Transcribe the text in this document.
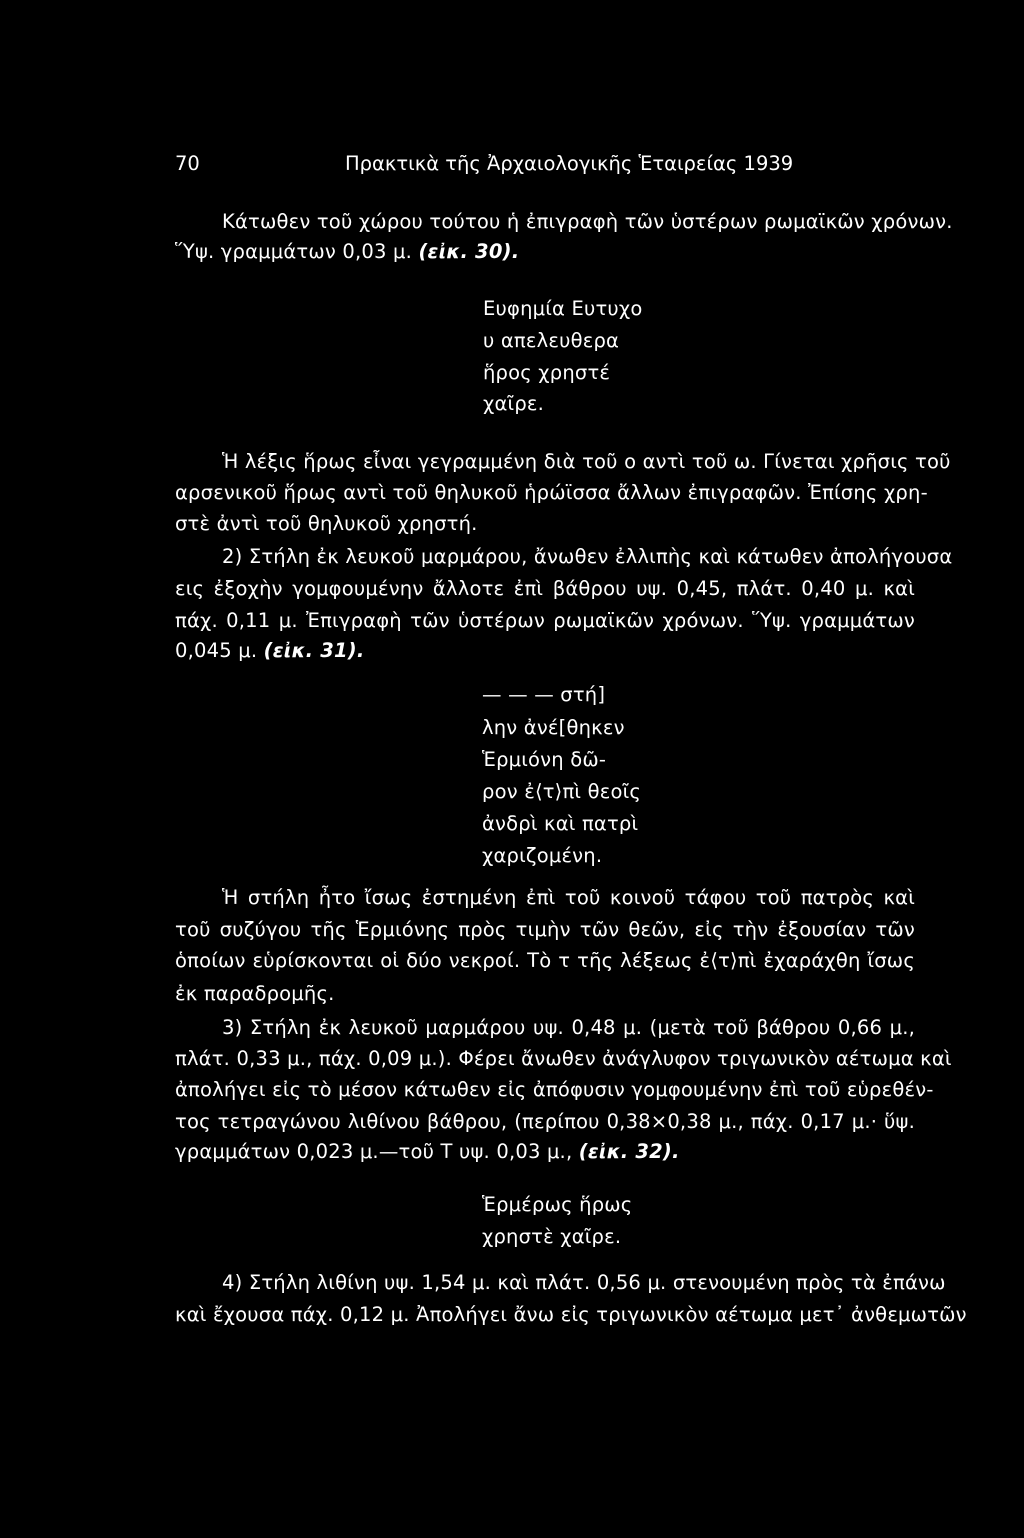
70	Πρακτικὰ τῆς Ἀρχαιολογικῆς Ἑταιρείας 1939
Κάτωθεν τοῦ χώρου τούτου ἡ ἐπιγραφὴ τῶν ὑστέρων ρωμαϊκῶν χρόνων.
Ὕψ. γραμμάτων 0,03 μ. (εἰκ. 30).
Ευφημία Ευτυχο
υ απελευθερα
ἥρος χρηστέ
χαῖρε.
Ἡ λέξις ἥρως εἶναι γεγραμμένη διὰ τοῦ ο αντὶ τοῦ ω. Γίνεται χρῆσις τοῦ
αρσενικοῦ ἥρως αντὶ τοῦ θηλυκοῦ ἡρώϊσσα ἄλλων ἐπιγραφῶν. Ἐπίσης χρη-
στὲ ἀντὶ τοῦ θηλυκοῦ χρηστή.
2) Στήλη ἐκ λευκοῦ μαρμάρου, ἄνωθεν ἐλλιπὴς καὶ κάτωθεν ἀπολήγουσα
εις ἐξοχὴν γομφουμένην ἄλλοτε ἐπὶ βάθρου υψ. 0,45, πλάτ. 0,40 μ. καὶ
πάχ. 0,11 μ. Ἐπιγραφὴ τῶν ὑστέρων ρωμαϊκῶν χρόνων. Ὕψ. γραμμάτων
0,045 μ. (εἰκ. 31).
— — — στή]
λην ἀνέ[θηκεν
Ἑρμιόνη δῶ-
ρον ἐ⟨τ⟩πὶ θεοῖς
ἀνδρὶ καὶ πατρὶ
χαριζομένη.
Ἡ στήλη ἦτο ἴσως ἐστημένη ἐπὶ τοῦ κοινοῦ τάφου τοῦ πατρὸς καὶ
τοῦ συζύγου τῆς Ἑρμιόνης πρὸς τιμὴν τῶν θεῶν, εἰς τὴν ἐξουσίαν τῶν
ὁποίων εὑρίσκονται οἱ δύο νεκροί. Τὸ τ τῆς λέξεως ἐ⟨τ⟩πὶ ἐχαράχθη ἴσως
ἐκ παραδρομῆς.
3) Στήλη ἐκ λευκοῦ μαρμάρου υψ. 0,48 μ. (μετὰ τοῦ βάθρου 0,66 μ.,
πλάτ. 0,33 μ., πάχ. 0,09 μ.). Φέρει ἄνωθεν ἀνάγλυφον τριγωνικὸν αέτωμα καὶ
ἀπολήγει εἰς τὸ μέσον κάτωθεν εἰς ἀπόφυσιν γομφουμένην ἐπὶ τοῦ εὑρεθέν-
τος τετραγώνου λιθίνου βάθρου, (περίπου 0,38×0,38 μ., πάχ. 0,17 μ.· ὕψ.
γραμμάτων 0,023 μ.—τοῦ Τ υψ. 0,03 μ., (εἰκ. 32).
Ἑρμέρως ἥρως
χρηστὲ χαῖρε.
4) Στήλη λιθίνη υψ. 1,54 μ. καὶ πλάτ. 0,56 μ. στενουμένη πρὸς τὰ ἐπάνω
καὶ ἔχουσα πάχ. 0,12 μ. Ἀπολήγει ἄνω εἰς τριγωνικὸν αέτωμα μετ᾽ ἀνθεμωτῶν
